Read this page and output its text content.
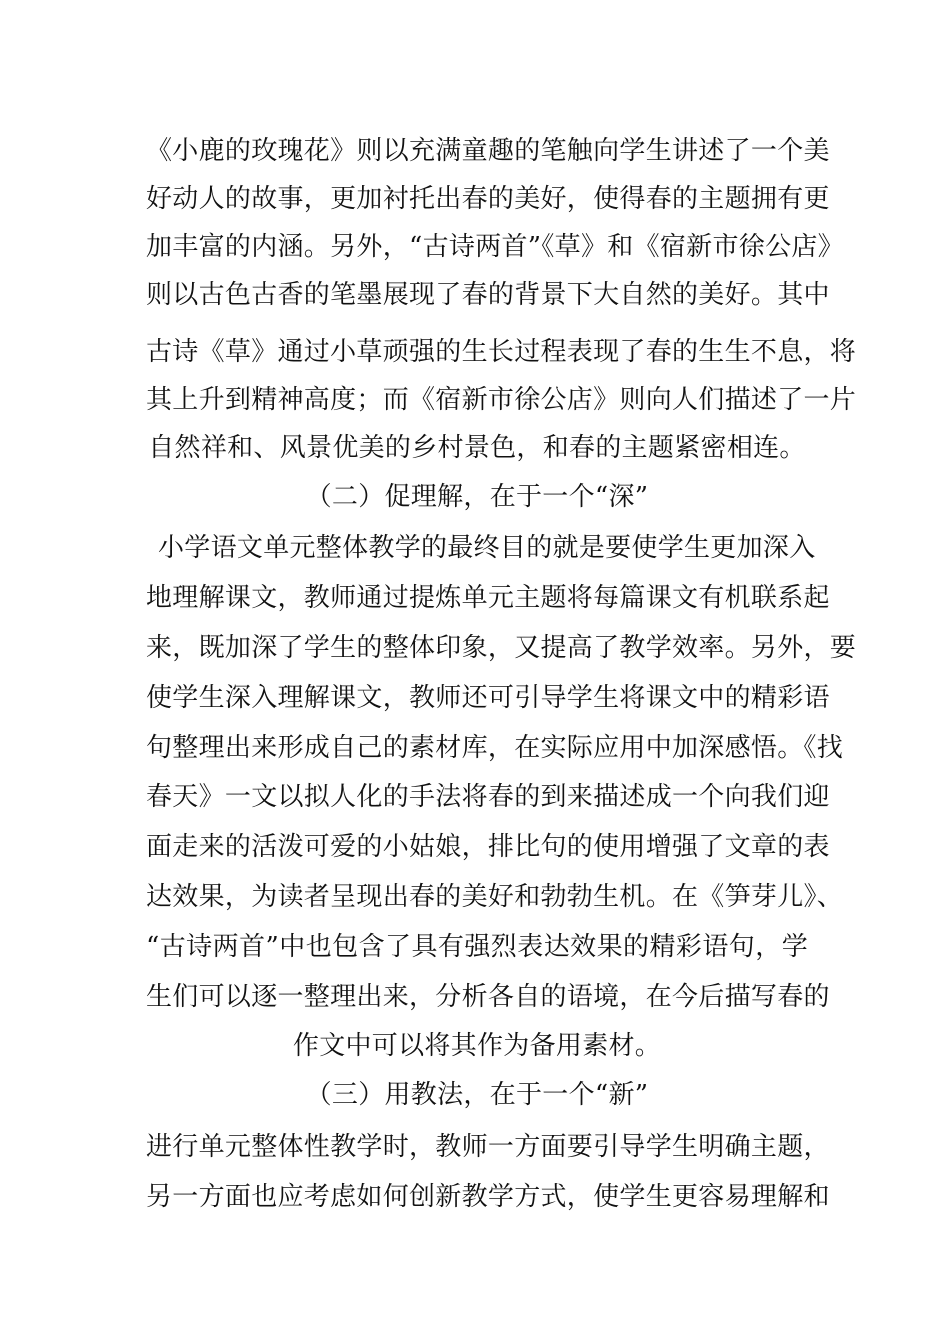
《小鹿的玫瑰花》则以充满童趣的笔触向学生讲述了一个美
好动人的故事，更加衬托出春的美好，使得春的主题拥有更
加丰富的内涵。另外，“古诗两首”《草》和《宿新市徐公店》
则以古色古香的笔墨展现了春的背景下大自然的美好。其中
古诗《草》通过小草顽强的生长过程表现了春的生生不息，将
其上升到精神高度；而《宿新市徐公店》则向人们描述了一片
自然祥和、风景优美的乡村景色，和春的主题紧密相连。
（二）促理解，在于一个“深”
小学语文单元整体教学的最终目的就是要使学生更加深入
地理解课文，教师通过提炼单元主题将每篇课文有机联系起
来，既加深了学生的整体印象，又提高了教学效率。另外，要
使学生深入理解课文，教师还可引导学生将课文中的精彩语
句整理出来形成自己的素材库，在实际应用中加深感悟。《找
春天》一文以拟人化的手法将春的到来描述成一个向我们迎
面走来的活泼可爱的小姑娘，排比句的使用增强了文章的表
达效果，为读者呈现出春的美好和勃勃生机。在《笋芽儿》、
“古诗两首”中也包含了具有强烈表达效果的精彩语句，学
生们可以逐一整理出来，分析各自的语境，在今后描写春的
作文中可以将其作为备用素材。
（三）用教法，在于一个“新”
进行单元整体性教学时，教师一方面要引导学生明确主题，
另一方面也应考虑如何创新教学方式，使学生更容易理解和
